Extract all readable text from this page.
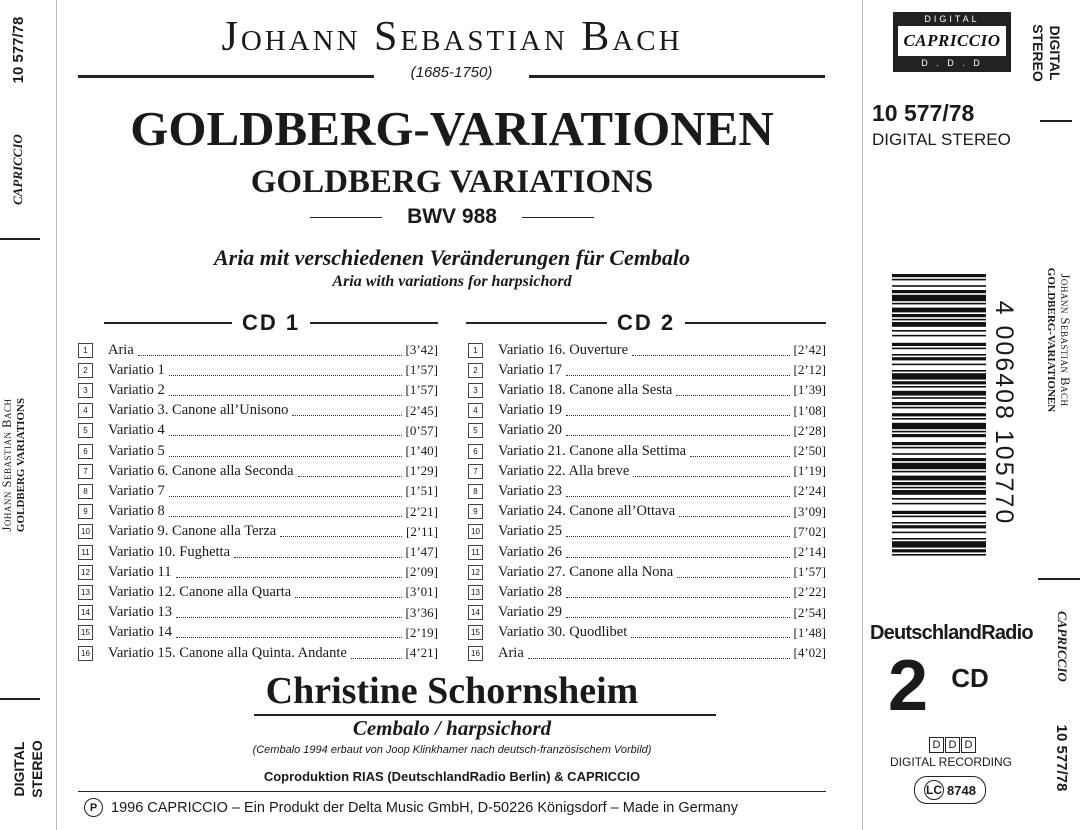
10 577/78
CAPRICCIO
Johann Sebastian Bach GOLDBERG VARIATIONS
DIGITAL STEREO
Johann Sebastian Bach
(1685-1750)
GOLDBERG-VARIATIONEN
GOLDBERG VARIATIONS
BWV 988
Aria mit verschiedenen Veränderungen für Cembalo
Aria with variations for harpsichord
CD 1	CD 2
1	Aria	[3’42]
2	Variatio 1	[1’57]
3	Variatio 2	[1’57]
4	Variatio 3. Canone all’Unisono	[2’45]
5	Variatio 4	[0’57]
6	Variatio 5	[1’40]
7	Variatio 6. Canone alla Seconda	[1’29]
8	Variatio 7	[1’51]
9	Variatio 8	[2’21]
10 Variatio 9. Canone alla Terza	[2’11]
11 Variatio 10. Fughetta	[1’47]
12 Variatio 11	[2’09]
13 Variatio 12. Canone alla Quarta	[3’01]
14 Variatio 13	[3’36]
15 Variatio 14	[2’19]
16 Variatio 15. Canone alla Quinta. Andante	[4’21]
1	Variatio 16. Ouverture	[2’42]
2	Variatio 17	[2’12]
3	Variatio 18. Canone alla Sesta	[1’39]
4	Variatio 19	[1’08]
5	Variatio 20	[2’28]
6	Variatio 21. Canone alla Settima	[2’50]
7	Variatio 22. Alla breve	[1’19]
8	Variatio 23	[2’24]
9	Variatio 24. Canone all’Ottava	[3’09]
10 Variatio 25	[7’02]
11 Variatio 26	[2’14]
12 Variatio 27. Canone alla Nona	[1’57]
13 Variatio 28	[2’22]
14 Variatio 29	[2’54]
15 Variatio 30. Quodlibet	[1’48]
16 Aria	[4’02]
Christine Schornsheim
Cembalo / harpsichord
(Cembalo 1994 erbaut von Joop Klinkhamer nach deutsch-französischem Vorbild)
Coproduktion RIAS (DeutschlandRadio Berlin) & CAPRICCIO
P 1996 CAPRICCIO – Ein Produkt der Delta Music GmbH, D-50226 Königsdorf – Made in Germany
DIGITAL
CAPRICCIO
D . D . D
10 577/78
DIGITAL STEREO
4 006408 105770
DeutschlandRadio
2 CD
D D D
DIGITAL RECORDING
LC 8748
DIGITAL
STEREO
Johann Sebastian Bach
GOLDBERG-VARIATIONEN
CAPRICCIO
10 577/78
